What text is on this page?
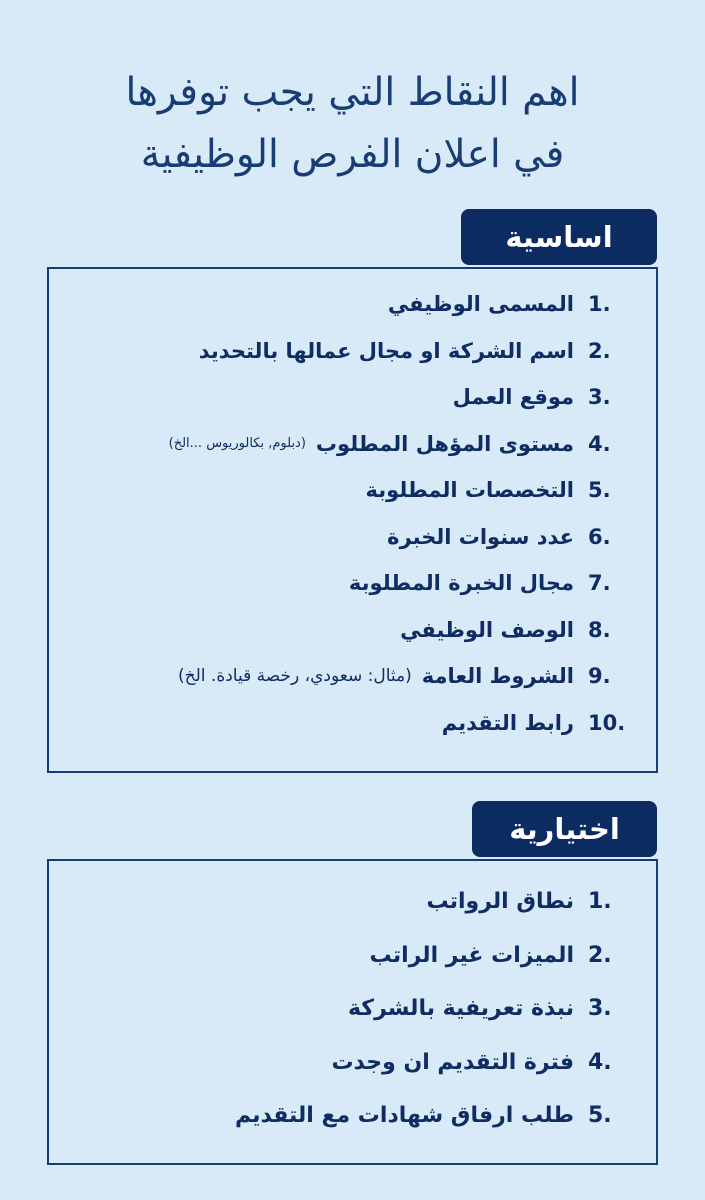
اهم النقاط التي يجب توفرها
في اعلان الفرص الوظيفية
اساسية
1.
المسمى الوظيفي
2.
اسم الشركة او مجال عمالها بالتحديد
3.
موقع العمل
4.
مستوى المؤهل المطلوب
(دبلوم, بكالوريوس ...الخ)
5.
التخصصات المطلوبة
6.
عدد سنوات الخبرة
7.
مجال الخبرة المطلوبة
8.
الوصف الوظيفي
9.
الشروط العامة
(مثال: سعودي، رخصة قيادة. الخ)
10.
رابط التقديم
اختيارية
1.
نطاق الرواتب
2.
الميزات غير الراتب
3.
نبذة تعريفية بالشركة
4.
فترة التقديم ان وجدت
5.
طلب ارفاق شهادات مع التقديم
